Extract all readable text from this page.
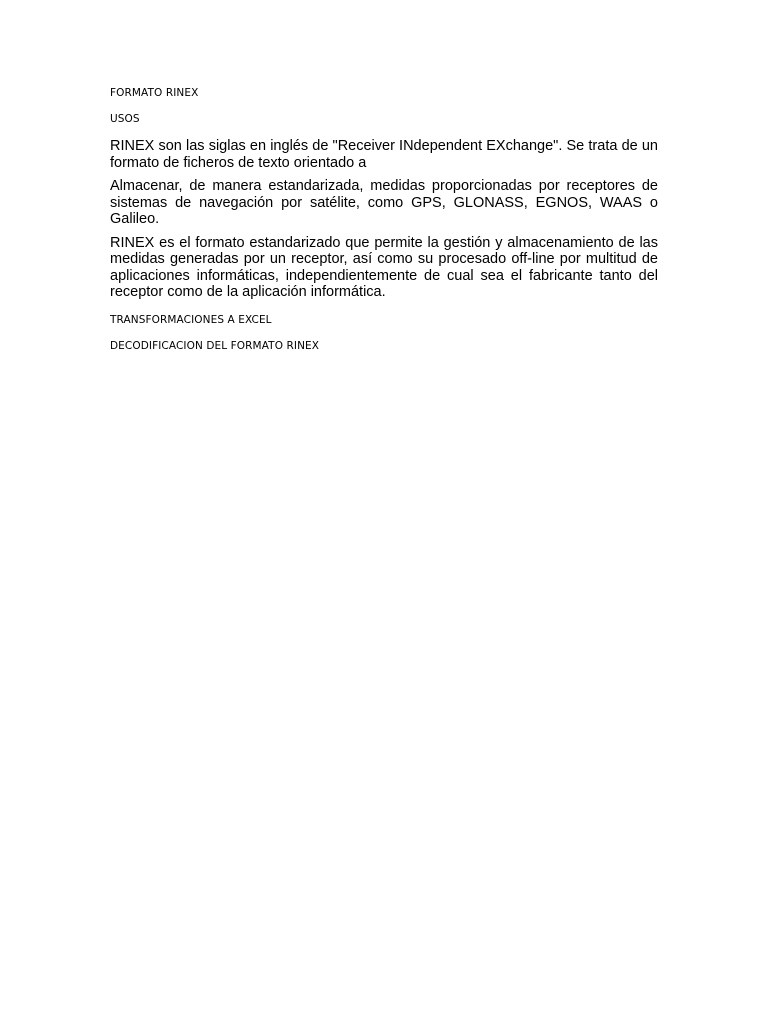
FORMATO RINEX

USOS

RINEX son las siglas en inglés de "Receiver INdependent EXchange". Se trata de un formato de ficheros de texto orientado a

Almacenar, de manera estandarizada, medidas proporcionadas por receptores de sistemas de navegación por satélite, como GPS, GLONASS, EGNOS, WAAS o Galileo.

RINEX es el formato estandarizado que permite la gestión y almacenamiento de las medidas generadas por un receptor, así como su procesado off-line por multitud de aplicaciones informáticas, independientemente de cual sea el fabricante tanto del receptor como de la aplicación informática.

TRANSFORMACIONES A EXCEL

DECODIFICACION DEL FORMATO RINEX
